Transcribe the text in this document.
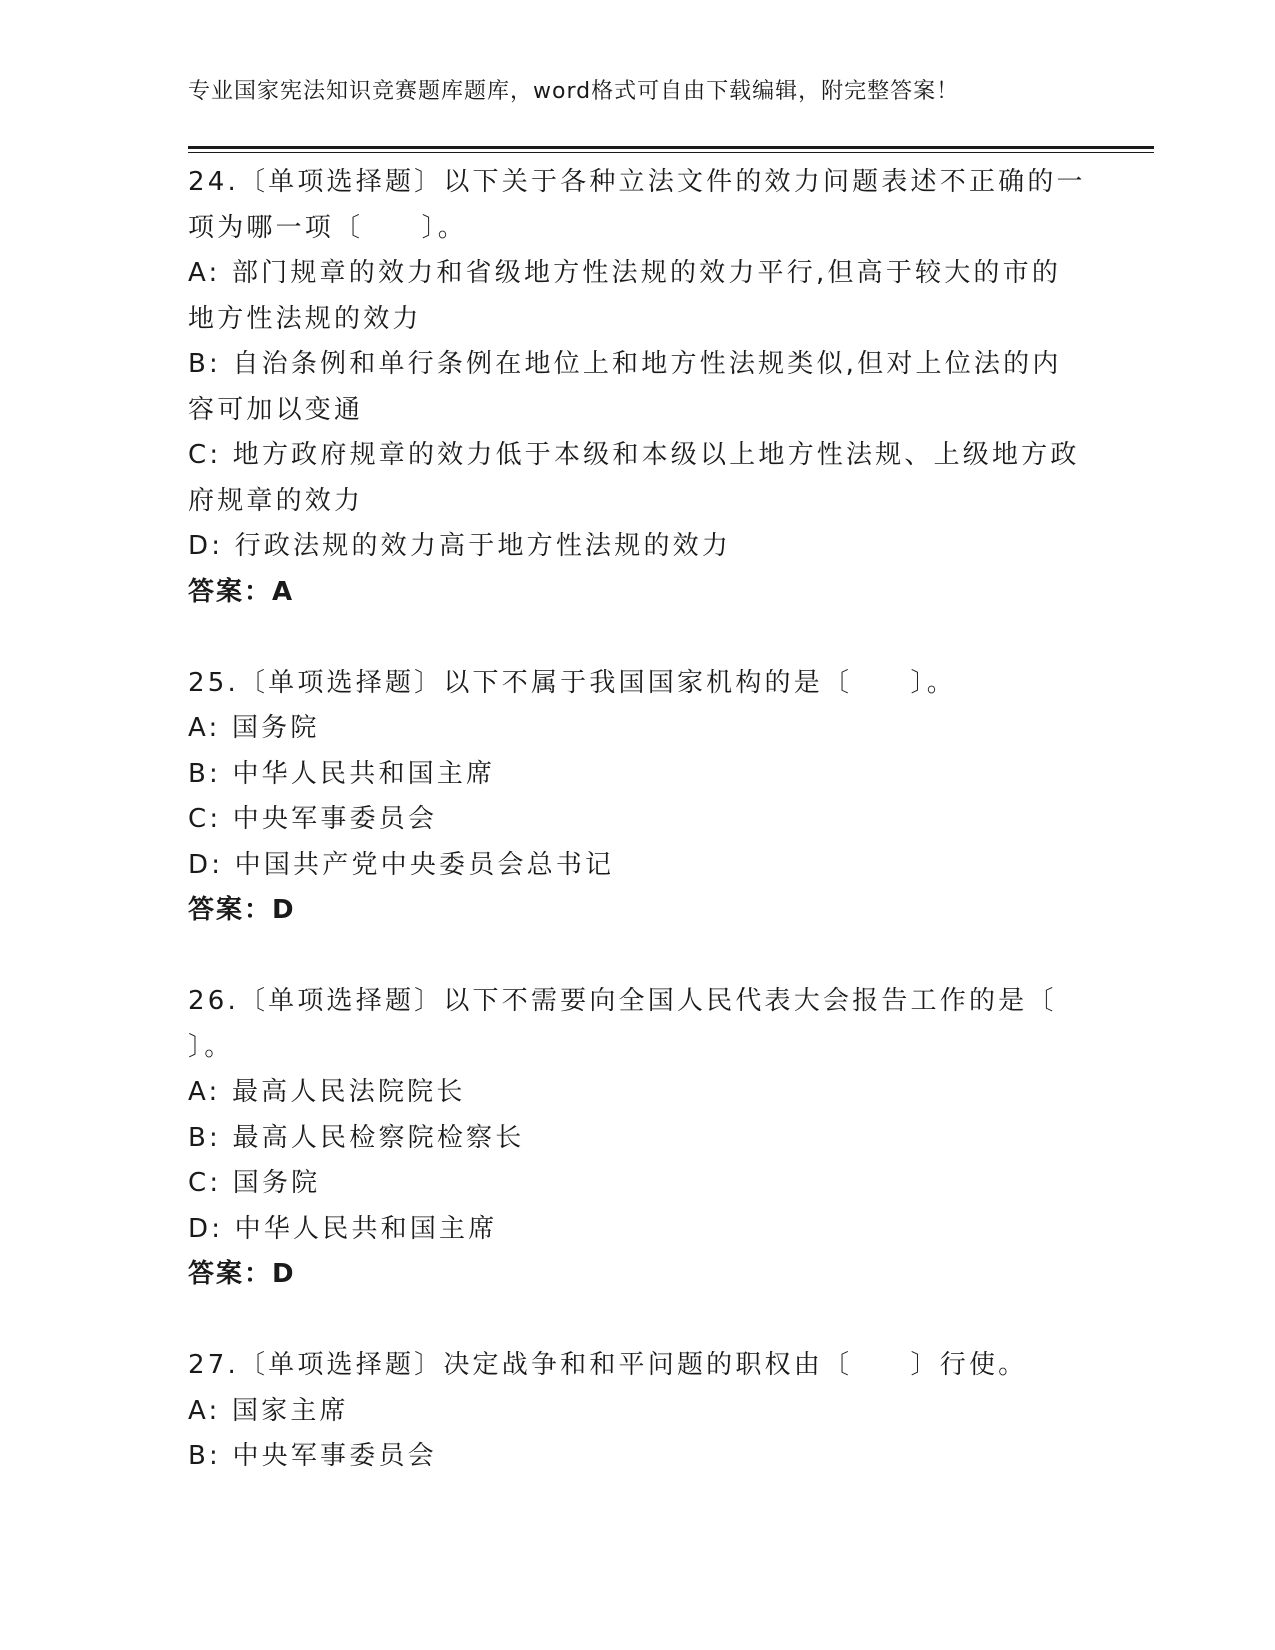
专业国家宪法知识竞赛题库题库，word格式可自由下载编辑，附完整答案！
24.〔单项选择题〕以下关于各种立法文件的效力问题表述不正确的一
项为哪一项〔　　〕。
A: 部门规章的效力和省级地方性法规的效力平行,但高于较大的市的
地方性法规的效力
B: 自治条例和单行条例在地位上和地方性法规类似,但对上位法的内
容可加以变通
C: 地方政府规章的效力低于本级和本级以上地方性法规、上级地方政
府规章的效力
D: 行政法规的效力高于地方性法规的效力
答案：A
25.〔单项选择题〕以下不属于我国国家机构的是〔　　〕。
A: 国务院
B: 中华人民共和国主席
C: 中央军事委员会
D: 中国共产党中央委员会总书记
答案：D
26.〔单项选择题〕以下不需要向全国人民代表大会报告工作的是〔
〕。
A: 最高人民法院院长
B: 最高人民检察院检察长
C: 国务院
D: 中华人民共和国主席
答案：D
27.〔单项选择题〕决定战争和和平问题的职权由〔　　〕行使。
A: 国家主席
B: 中央军事委员会
